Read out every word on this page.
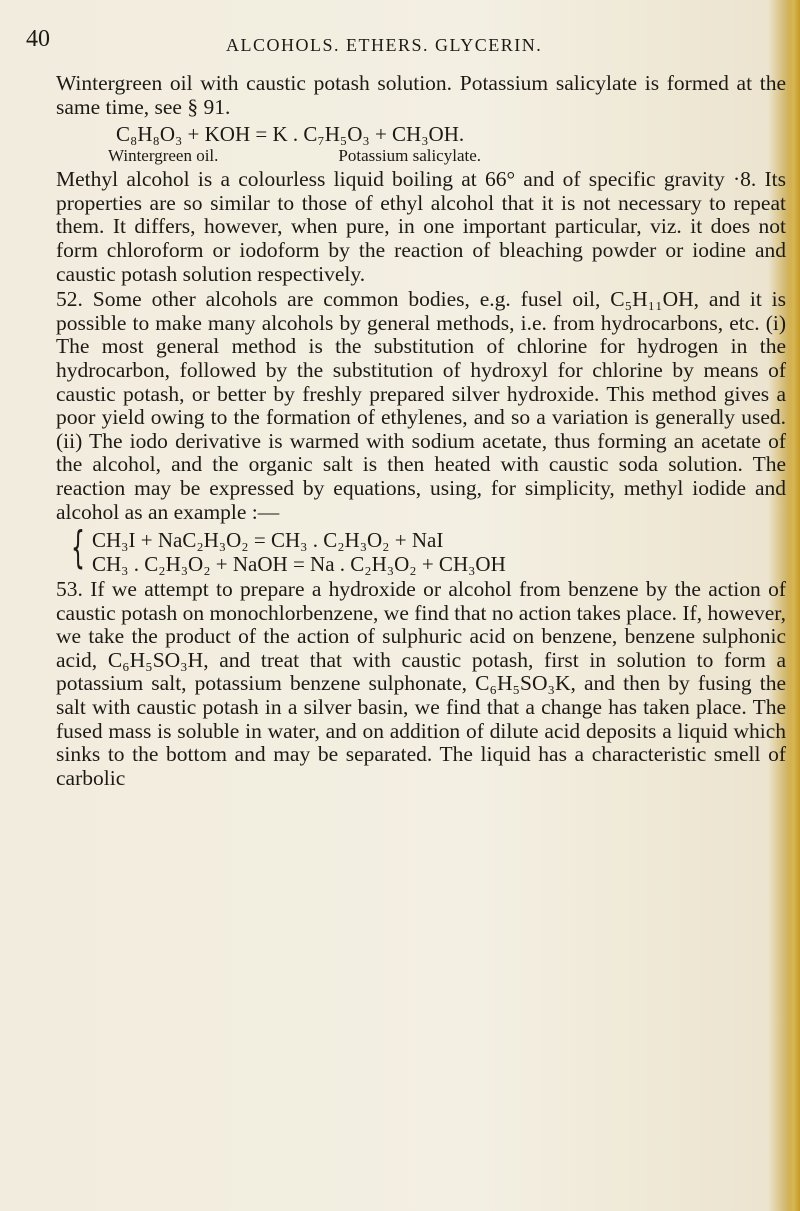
40	ALCOHOLS. ETHERS. GLYCERIN.

Wintergreen oil with caustic potash solution. Potassium salicylate is formed at the same time, see § 91.

C₈H₈O₃ + KOH = K . C₇H₅O₃ + CH₃OH.
Wintergreen oil.	Potassium salicylate.

Methyl alcohol is a colourless liquid boiling at 66° and of specific gravity ·8. Its properties are so similar to those of ethyl alcohol that it is not necessary to repeat them. It differs, however, when pure, in one important particular, viz. it does not form chloroform or iodoform by the reaction of bleaching powder or iodine and caustic potash solution respectively.

52. Some other alcohols are common bodies, e.g. fusel oil, C₅H₁₁OH, and it is possible to make many alcohols by general methods, i.e. from hydrocarbons, etc. (i) The most general method is the substitution of chlorine for hydrogen in the hydrocarbon, followed by the substitution of hydroxyl for chlorine by means of caustic potash, or better by freshly prepared silver hydroxide. This method gives a poor yield owing to the formation of ethylenes, and so a variation is generally used. (ii) The iodo derivative is warmed with sodium acetate, thus forming an acetate of the alcohol, and the organic salt is then heated with caustic soda solution. The reaction may be expressed by equations, using, for simplicity, methyl iodide and alcohol as an example :—

{ CH₃I + NaC₂H₃O₂ = CH₃ . C₂H₃O₂ + NaI
CH₃ . C₂H₃O₂ + NaOH = Na . C₂H₃O₂ + CH₃OH

53. If we attempt to prepare a hydroxide or alcohol from benzene by the action of caustic potash on monochlorbenzene, we find that no action takes place. If, however, we take the product of the action of sulphuric acid on benzene, benzene sulphonic acid, C₆H₅SO₃H, and treat that with caustic potash, first in solution to form a potassium salt, potassium benzene sulphonate, C₆H₅SO₃K, and then by fusing the salt with caustic potash in a silver basin, we find that a change has taken place. The fused mass is soluble in water, and on addition of dilute acid deposits a liquid which sinks to the bottom and may be separated. The liquid has a characteristic smell of carbolic
